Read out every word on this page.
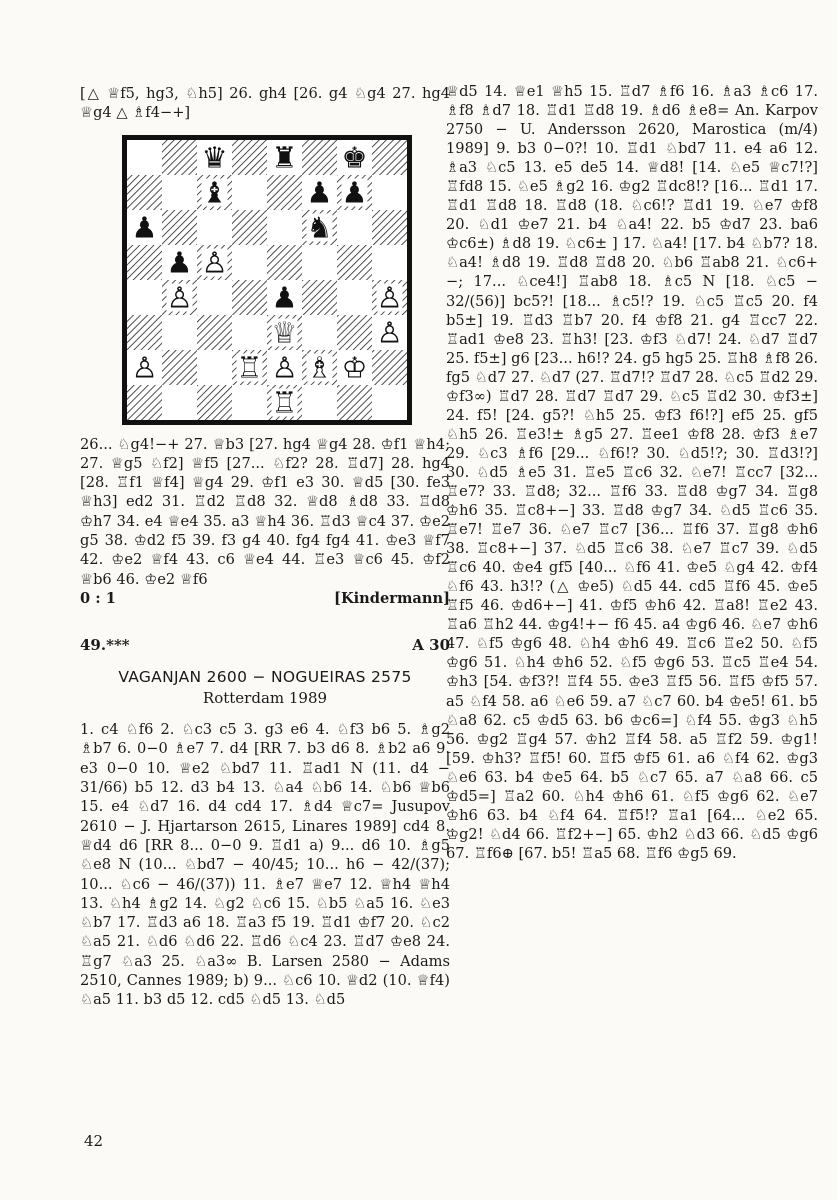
[△ ♕f5, hg3, ♘h5] 26. gh4 [26. g4 ♘g4 27. hg4 ♕g4 △ ♗f4−+]

♛ ♜ ♚
♝	♟ ♟
♟	♞
♟ ♙
♙	♟	♙
♕	♙
♙	♖ ♙ ♗ ♔
♖

26... ♘g4!−+ 27. ♕b3 [27. hg4 ♕g4 28. ♔f1 ♕h4; 27. ♕g5 ♘f2] ♕f5 [27... ♘f2? 28. ♖d7] 28. hg4 [28. ♖f1 ♕f4] ♕g4 29. ♔f1 e3 30. ♕d5 [30. fe3 ♕h3] ed2 31. ♖d2 ♖d8 32. ♕d8 ♗d8 33. ♖d8 ♔h7 34. e4 ♕e4 35. a3 ♕h4 36. ♖d3 ♕c4 37. ♔e2 g5 38. ♔d2 f5 39. f3 g4 40. fg4 fg4 41. ♔e3 ♕f7 42. ♔e2 ♕f4 43. c6 ♕e4 44. ♖e3 ♕c6 45. ♔f2 ♕b6 46. ♔e2 ♕f6

0 : 1	[Kindermann]
49.***	A 30
VAGANJAN 2600 − NOGUEIRAS 2575
Rotterdam 1989

1. c4 ♘f6 2. ♘c3 c5 3. g3 e6 4. ♘f3 b6 5. ♗g2 ♗b7 6. 0−0 ♗e7 7. d4 [RR 7. b3 d6 8. ♗b2 a6 9. e3 0−0 10. ♕e2 ♘bd7 11. ♖ad1 N (11. d4 − 31/66) b5 12. d3 b4 13. ♘a4 ♘b6 14. ♘b6 ♕b6 15. e4 ♘d7 16. d4 cd4 17. ♗d4 ♕c7= Jusupov 2610 − J. Hjartarson 2615, Linares 1989] cd4 8. ♕d4 d6 [RR 8... 0−0 9. ♖d1 a) 9... d6 10. ♗g5 ♘e8 N (10... ♘bd7 − 40/45; 10... h6 − 42/(37); 10... ♘c6 − 46/(37)) 11. ♗e7 ♕e7 12. ♕h4 ♕h4 13. ♘h4 ♗g2 14. ♘g2 ♘c6 15. ♘b5 ♘a5 16. ♘e3 ♘b7 17. ♖d3 a6 18. ♖a3 f5 19. ♖d1 ♔f7 20. ♘c2 ♘a5 21. ♘d6 ♘d6 22. ♖d6 ♘c4 23. ♖d7 ♔e8 24. ♖g7 ♘a3 25. ♘a3∞ B. Larsen 2580 − Adams 2510, Cannes 1989; b) 9... ♘c6 10. ♕d2 (10. ♕f4) ♘a5 11. b3 d5 12. cd5 ♘d5 13. ♘d5

♕d5 14. ♕e1 ♕h5 15. ♖d7 ♗f6 16. ♗a3 ♗c6 17. ♗f8 ♗d7 18. ♖d1 ♖d8 19. ♗d6 ♗e8= An. Karpov 2750 − U. Andersson 2620, Marostica (m/4) 1989] 9. b3 0−0?! 10. ♖d1 ♘bd7 11. e4 a6 12. ♗a3 ♘c5 13. e5 de5 14. ♕d8! [14. ♘e5 ♕c7!?] ♖fd8 15. ♘e5 ♗g2 16. ♔g2 ♖dc8!? [16... ♖d1 17. ♖d1 ♖d8 18. ♖d8 (18. ♘c6!? ♖d1 19. ♘e7 ♔f8 20. ♘d1 ♔e7 21. b4 ♘a4! 22. b5 ♔d7 23. ba6 ♔c6±) ♗d8 19. ♘c6± ] 17. ♘a4! [17. b4 ♘b7? 18. ♘a4! ♗d8 19. ♖d8 ♖d8 20. ♘b6 ♖ab8 21. ♘c6+−; 17... ♘ce4!] ♖ab8 18. ♗c5 N [18. ♘c5 − 32/(56)] bc5?! [18... ♗c5!? 19. ♘c5 ♖c5 20. f4 b5±] 19. ♖d3 ♖b7 20. f4 ♔f8 21. g4 ♖cc7 22. ♖ad1 ♔e8 23. ♖h3! [23. ♔f3 ♘d7! 24. ♘d7 ♖d7 25. f5±] g6 [23... h6!? 24. g5 hg5 25. ♖h8 ♗f8 26. fg5 ♘d7 27. ♘d7 (27. ♖d7!? ♖d7 28. ♘c5 ♖d2 29. ♔f3∞) ♖d7 28. ♖d7 ♖d7 29. ♘c5 ♖d2 30. ♔f3±] 24. f5! [24. g5?! ♘h5 25. ♔f3 f6!?] ef5 25. gf5 ♘h5 26. ♖e3!± ♗g5 27. ♖ee1 ♔f8 28. ♔f3 ♗e7 29. ♘c3 ♗f6 [29... ♘f6!? 30. ♘d5!?; 30. ♖d3!?] 30. ♘d5 ♗e5 31. ♖e5 ♖c6 32. ♘e7! ♖cc7 [32... ♖e7? 33. ♖d8; 32... ♖f6 33. ♖d8 ♔g7 34. ♖g8 ♔h6 35. ♖c8+−] 33. ♖d8 ♔g7 34. ♘d5 ♖c6 35. ♖e7! ♖e7 36. ♘e7 ♖c7 [36... ♖f6 37. ♖g8 ♔h6 38. ♖c8+−] 37. ♘d5 ♖c6 38. ♘e7 ♖c7 39. ♘d5 ♖c6 40. ♔e4 gf5 [40... ♘f6 41. ♔e5 ♘g4 42. ♔f4 ♘f6 43. h3!? (△ ♔e5) ♘d5 44. cd5 ♖f6 45. ♔e5 ♖f5 46. ♔d6+−] 41. ♔f5 ♔h6 42. ♖a8! ♖e2 43. ♖a6 ♖h2 44. ♔g4!+− f6 45. a4 ♔g6 46. ♘e7 ♔h6 47. ♘f5 ♔g6 48. ♘h4 ♔h6 49. ♖c6 ♖e2 50. ♘f5 ♔g6 51. ♘h4 ♔h6 52. ♘f5 ♔g6 53. ♖c5 ♖e4 54. ♔h3 [54. ♔f3?! ♖f4 55. ♔e3 ♖f5 56. ♖f5 ♔f5 57. a5 ♘f4 58. a6 ♘e6 59. a7 ♘c7 60. b4 ♔e5! 61. b5 ♘a8 62. c5 ♔d5 63. b6 ♔c6=] ♘f4 55. ♔g3 ♘h5 56. ♔g2 ♖g4 57. ♔h2 ♖f4 58. a5 ♖f2 59. ♔g1! [59. ♔h3? ♖f5! 60. ♖f5 ♔f5 61. a6 ♘f4 62. ♔g3 ♘e6 63. b4 ♔e5 64. b5 ♘c7 65. a7 ♘a8 66. c5 ♔d5=] ♖a2 60. ♘h4 ♔h6 61. ♘f5 ♔g6 62. ♘e7 ♔h6 63. b4 ♘f4 64. ♖f5!? ♖a1 [64... ♘e2 65. ♔g2! ♘d4 66. ♖f2+−] 65. ♔h2 ♘d3 66. ♘d5 ♔g6 67. ♖f6⊕ [67. b5! ♖a5 68. ♖f6 ♔g5 69.

42
